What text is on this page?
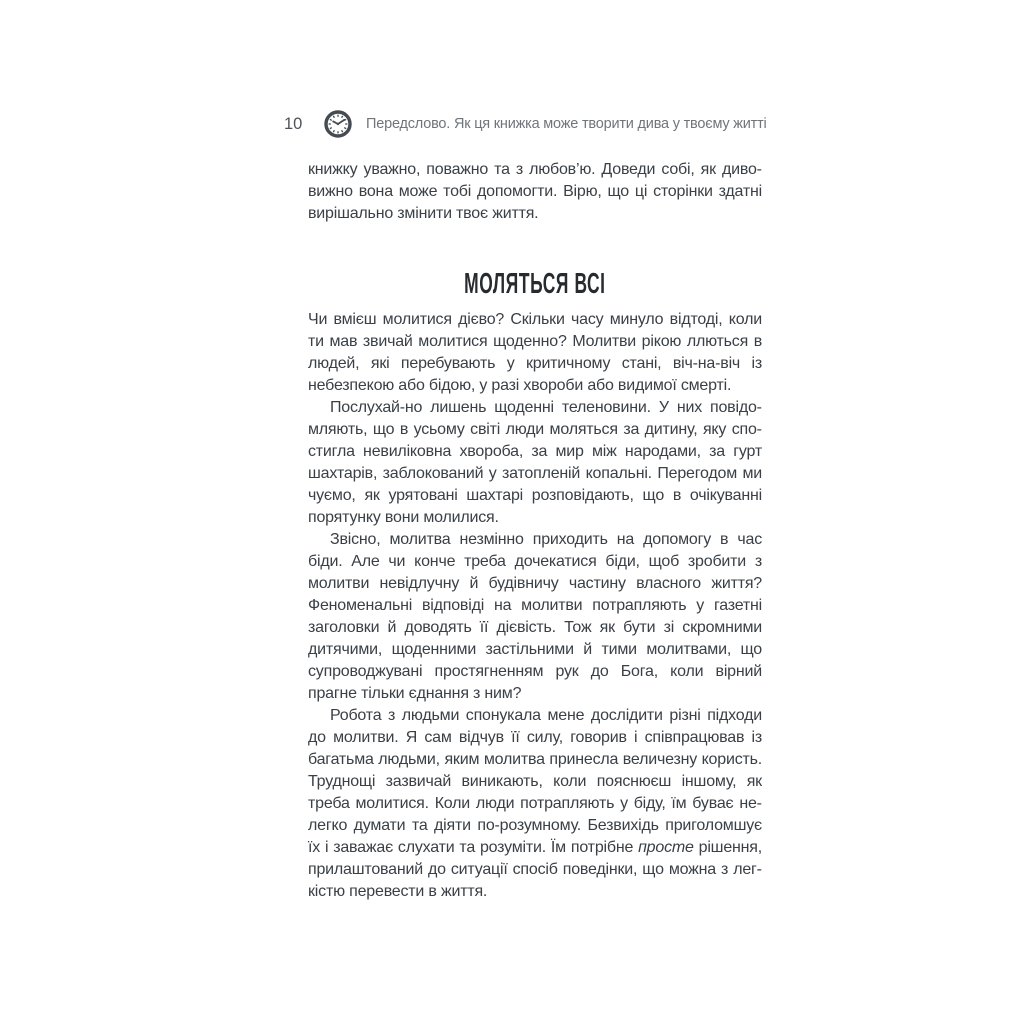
10	Передслово. Як ця книжка може творити дива у твоєму житті

книжку уважно, поважно та з любов’ю. Доведи собі, як дивовижно вона може тобі допомогти. Вірю, що ці сторінки здатні вирішально змінити твоє життя.

МОЛЯТЬСЯ ВСІ

Чи вмієш молитися дієво? Скільки часу минуло відтоді, коли ти мав звичай молитися щоденно? Молитви рікою ллються в людей, які перебувають у критичному стані, віч-на-віч із небезпекою або бідою, у разі хвороби або видимої смерті.

Послухай-но лишень щоденні теленовини. У них повідомляють, що в усьому світі люди моляться за дитину, яку спостигла невиліковна хвороба, за мир між народами, за гурт шахтарів, заблокований у затопленій копальні. Перегодом ми чуємо, як урятовані шахтарі розповідають, що в очікуванні порятунку вони молилися.

Звісно, молитва незмінно приходить на допомогу в час біди. Але чи конче треба дочекатися біди, щоб зробити з молитви невідлучну й будівничу частину власного життя? Феноменальні відповіді на молитви потрапляють у газетні заголовки й доводять її дієвість. Тож як бути зі скромними дитячими, щоденними застільними й тими молитвами, що супроводжувані простягненням рук до Бога, коли вірний прагне тільки єднання з ним?

Робота з людьми спонукала мене дослідити різні підходи до молитви. Я сам відчув її силу, говорив і співпрацював із багатьма людьми, яким молитва принесла величезну користь. Труднощі зазвичай виникають, коли пояснюєш іншому, як треба молитися. Коли люди потрапляють у біду, їм буває нелегко думати та діяти по-розумному. Безвихідь приголомшує їх і заважає слухати та розуміти. Їм потрібне просте рішення, прилаштований до ситуації спосіб поведінки, що можна з легкістю перевести в життя.
